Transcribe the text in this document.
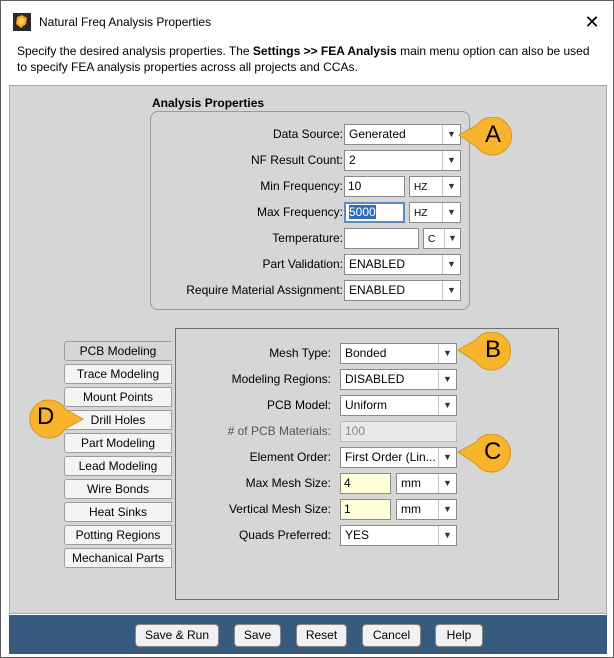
Natural Freq Analysis Properties	✕
Specify the desired analysis properties. The Settings >> FEA Analysis main menu option can also be used to specify FEA analysis properties across all projects and CCAs.
Analysis Properties
Data Source: Generated	▼
NF Result Count: 2	▼
Min Frequency: 10	HZ	▼
Max Frequency: 5000	HZ	▼
Temperature:	C	▼
Part Validation: ENABLED	▼
Require Material Assignment: ENABLED	▼
PCB Modeling
Trace Modeling
Mount Points
Drill Holes
Part Modeling
Lead Modeling
Wire Bonds
Heat Sinks
Potting Regions
Mechanical Parts
Mesh Type:	Bonded	▼
Modeling Regions:	DISABLED	▼
PCB Model:	Uniform	▼
# of PCB Materials:	100
Element Order:	First Order (Lin... ▼
Max Mesh Size:	4	mm	▼
Vertical Mesh Size:	1	mm	▼
Quads Preferred:	YES	▼
A
B
C
D
Save & Run	Save	Reset	Cancel	Help
